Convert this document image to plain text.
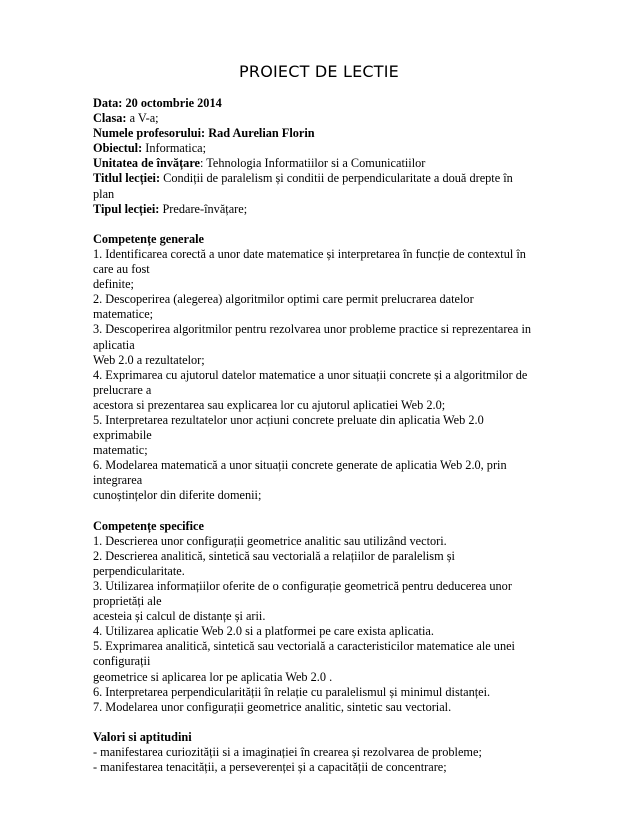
PROIECT DE LECTIE
Data: 20 octombrie 2014
Clasa: a V-a;
Numele profesorului: Rad Aurelian Florin
Obiectul: Informatica;
Unitatea de învățare: Tehnologia Informatiilor si a Comunicatiilor
Titlul lecției: Condiții de paralelism și conditii de perpendicularitate a două drepte în
plan
Tipul lecției: Predare-învățare;
Competențe generale
1. Identificarea corectă a unor date matematice și interpretarea în funcție de contextul în
care au fost
definite;
2. Descoperirea (alegerea) algoritmilor optimi care permit prelucrarea datelor
matematice;
3. Descoperirea algoritmilor pentru rezolvarea unor probleme practice si reprezentarea in
aplicatia
Web 2.0 a rezultatelor;
4. Exprimarea cu ajutorul datelor matematice a unor situații concrete și a algoritmilor de
prelucrare a
acestora si prezentarea sau explicarea lor cu ajutorul aplicatiei Web 2.0;
5. Interpretarea rezultatelor unor acțiuni concrete preluate din aplicatia Web 2.0
exprimabile
matematic;
6. Modelarea matematică a unor situații concrete generate de aplicatia Web 2.0, prin
integrarea
cunoștințelor din diferite domenii;
Competențe specifice
1. Descrierea unor configurații geometrice analitic sau utilizând vectori.
2. Descrierea analitică, sintetică sau vectorială a relațiilor de paralelism și
perpendicularitate.
3. Utilizarea informațiilor oferite de o configurație geometrică pentru deducerea unor
proprietăți ale
acesteia și calcul de distanțe și arii.
4. Utilizarea aplicatie Web 2.0 si a platformei pe care exista aplicatia.
5. Exprimarea analitică, sintetică sau vectorială a caracteristicilor matematice ale unei
configurații
geometrice si aplicarea lor pe aplicatia Web 2.0 .
6. Interpretarea perpendicularității în relație cu paralelismul și minimul distanței.
7. Modelarea unor configurații geometrice analitic, sintetic sau vectorial.
Valori si aptitudini
- manifestarea curiozității si a imaginației în crearea și rezolvarea de probleme;
- manifestarea tenacității, a perseverenței și a capacității de concentrare;
